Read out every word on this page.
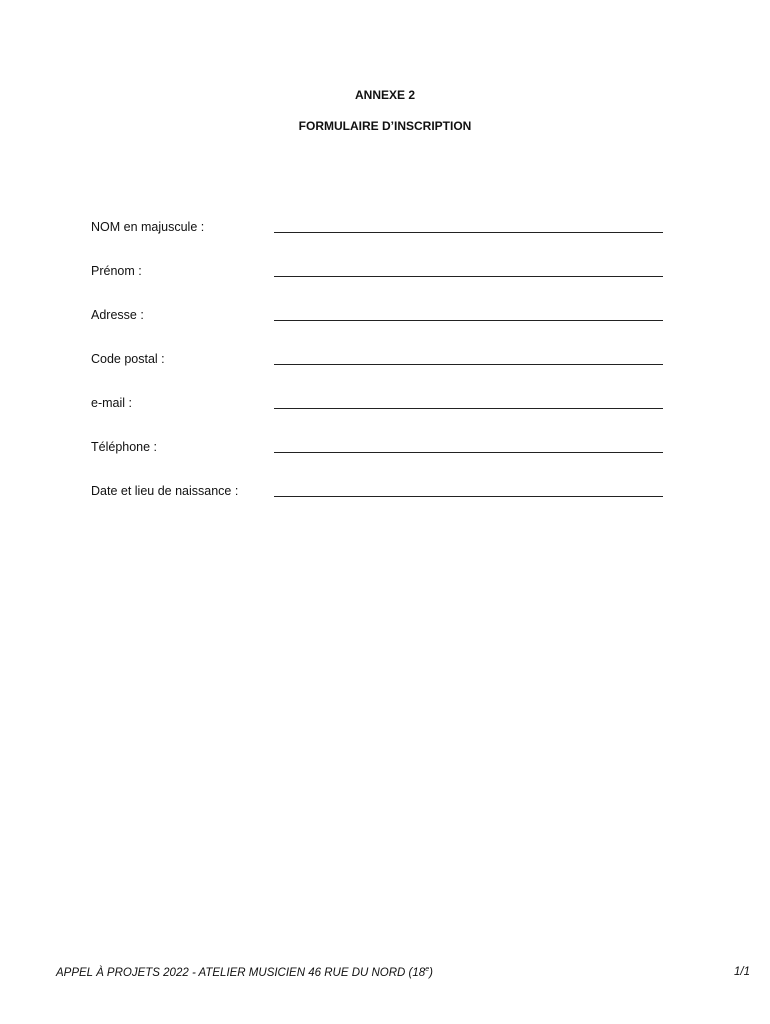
ANNEXE 2
FORMULAIRE D’INSCRIPTION
NOM en majuscule :
Prénom :
Adresse :
Code postal :
e-mail :
Téléphone :
Date et lieu de naissance :
APPEL À PROJETS 2022 - ATELIER MUSICIEN 46 RUE DU NORD (18e)	1/1
